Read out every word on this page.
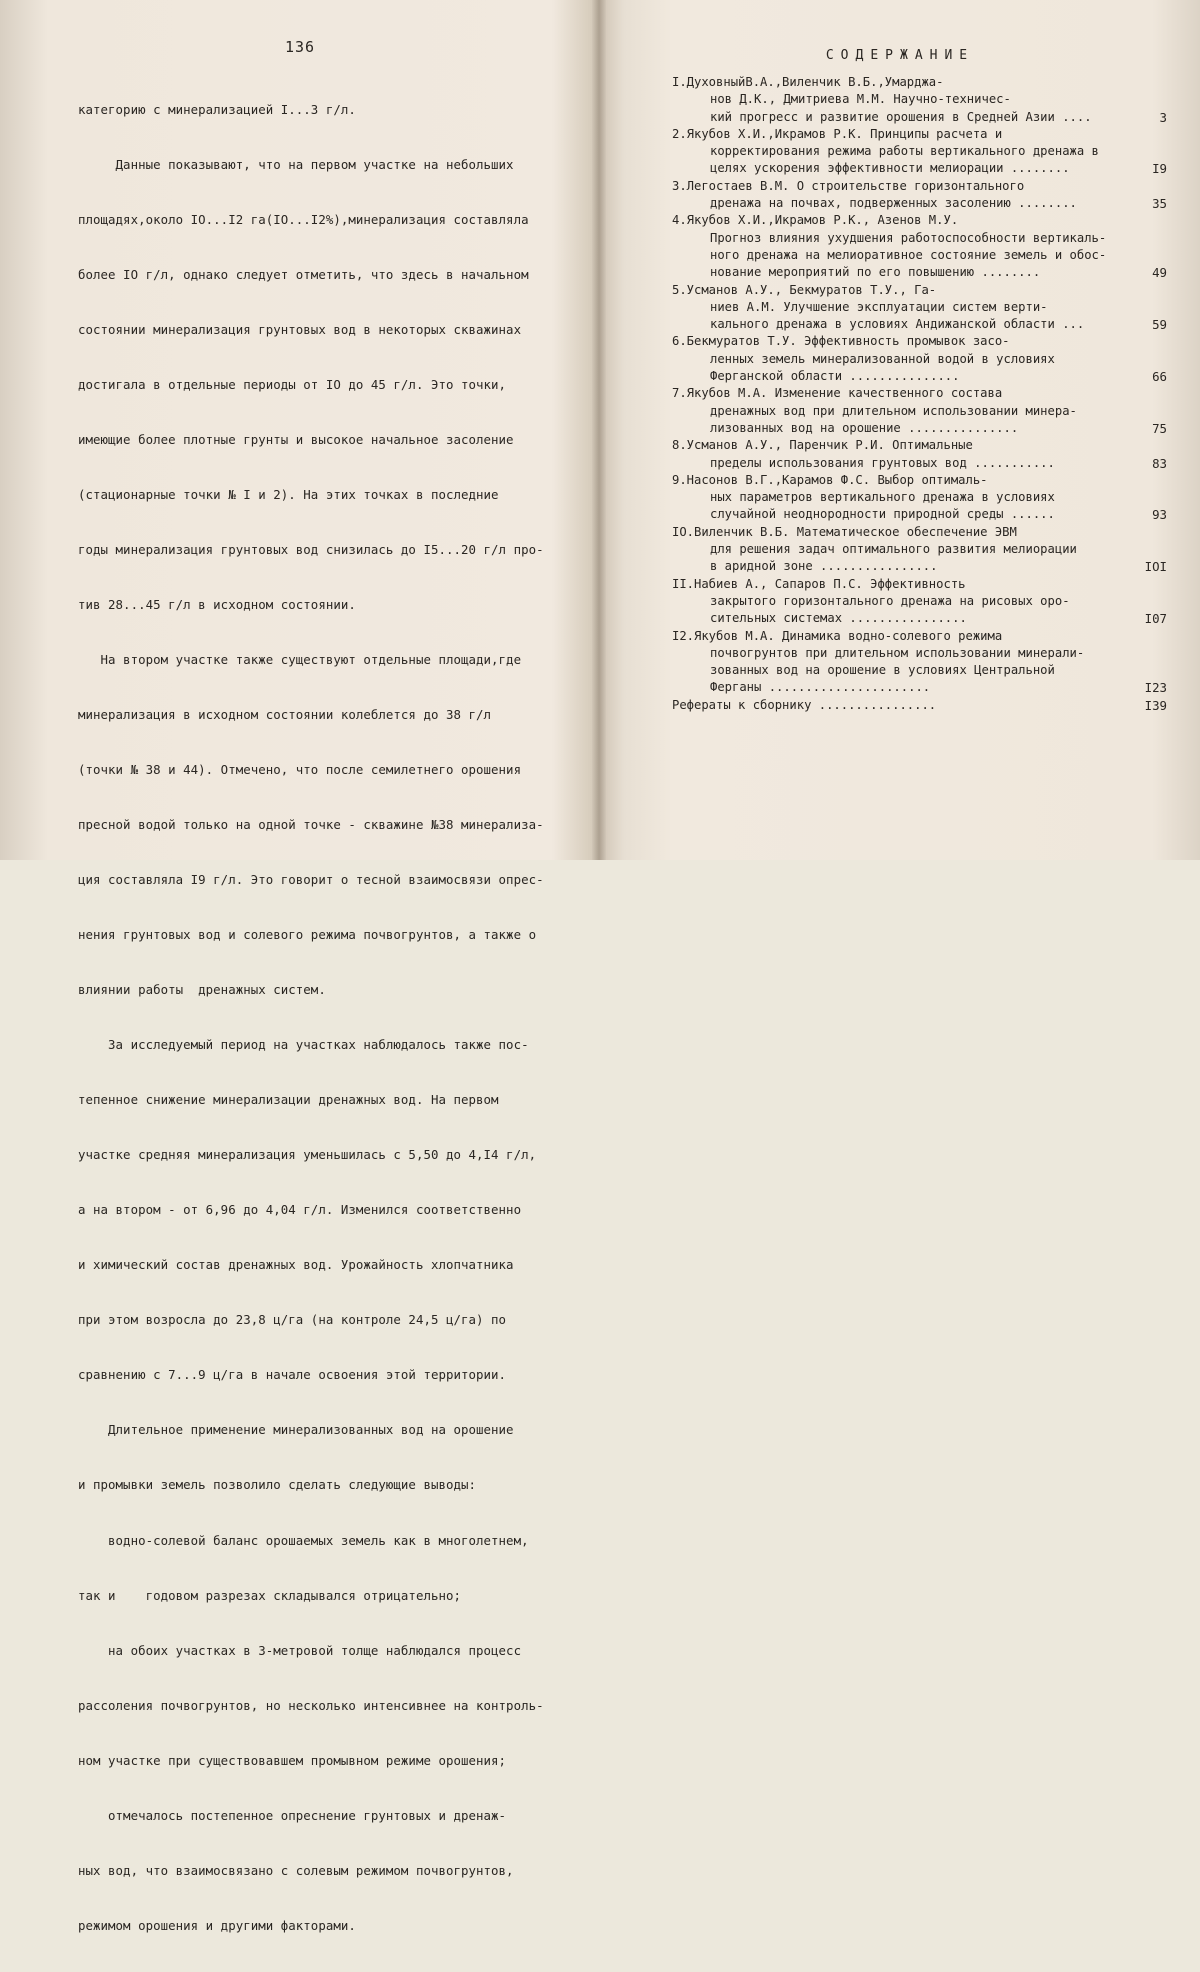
136

категорию с минерализацией I...3 г/л.

Данные показывают, что на первом участке на небольших

площадях,около IO...I2 га(IO...I2%),минерализация составляла

более IO г/л, однако следует отметить, что здесь в начальном

состоянии минерализация грунтовых вод в некоторых скважинах

достигала в отдельные периоды от IO до 45 г/л. Это точки,

имеющие более плотные грунты и высокое начальное засоление

(стационарные точки № I и 2). На этих точках в последние

годы минерализация грунтовых вод снизилась до I5...20 г/л про-

тив 28...45 г/л в исходном состоянии.

На втором участке также существуют отдельные площади,где

минерализация в исходном состоянии колеблется до 38 г/л

(точки № 38 и 44). Отмечено, что после семилетнего орошения

пресной водой только на одной точке - скважине №38 минерализа-

ция составляла I9 г/л. Это говорит о тесной взаимосвязи опрес-

нения грунтовых вод и солевого режима почвогрунтов, а также о

влиянии работы  дренажных систем.

За исследуемый период на участках наблюдалось также пос-

тепенное снижение минерализации дренажных вод. На первом

участке средняя минерализация уменьшилась с 5,50 до 4,I4 г/л,

а на втором - от 6,96 до 4,04 г/л. Изменился соответственно

и химический состав дренажных вод. Урожайность хлопчатника

при этом возросла до 23,8 ц/га (на контроле 24,5 ц/га) по

сравнению с 7...9 ц/га в начале освоения этой территории.

Длительное применение минерализованных вод на орошение

и промывки земель позволило сделать следующие выводы:

водно-солевой баланс орошаемых земель как в многолетнем,

так и    годовом разрезах складывался отрицательно;

на обоих участках в 3-метровой толще наблюдался процесс

рассоления почвогрунтов, но несколько интенсивнее на контроль-

ном участке при существовавшем промывном режиме орошения;

отмечалось постепенное опреснение грунтовых и дренаж-

ных вод, что взаимосвязано с солевым режимом почвогрунтов,

режимом орошения и другими факторами.

СОДЕРЖАНИЕ
I.ДуховныйВ.А.,Виленчик В.Б.,Умарджа-
нов Д.К., Дмитриева М.М. Научно-техничес-
кий прогресс и развитие орошения в Средней Азии ....	3
2.Якубов Х.И.,Икрамов Р.К. Принципы расчета и
корректирования режима работы вертикального дренажа в
целях ускорения эффективности мелиорации ........	I9
3.Легостаев В.М. О строительстве горизонтального
дренажа на почвах, подверженных засолению ........	35
4.Якубов Х.И.,Икрамов Р.К., Азенов М.У.
Прогноз влияния ухудшения работоспособности вертикаль-
ного дренажа на мелиоративное состояние земель и обос-
нование мероприятий по его повышению ........	49
5.Усманов А.У., Бекмуратов Т.У., Га-
ниев А.М. Улучшение эксплуатации систем верти-
кального дренажа в условиях Андижанской области ...	59
6.Бекмуратов Т.У. Эффективность промывок засо-
ленных земель минерализованной водой в условиях
Ферганской области ...............	66
7.Якубов М.А. Изменение качественного состава
дренажных вод при длительном использовании минера-
лизованных вод на орошение ...............	75
8.Усманов А.У., Паренчик Р.И. Оптимальные
пределы использования грунтовых вод ...........	83
9.Насонов В.Г.,Карамов Ф.С. Выбор оптималь-
ных параметров вертикального дренажа в условиях
случайной неоднородности природной среды ......	93
IO.Виленчик В.Б. Математическое обеспечение ЭВМ
для решения задач оптимального развития мелиорации
в аридной зоне ................	IOI
II.Набиев А., Сапаров П.С. Эффективность
закрытого горизонтального дренажа на рисовых оро-
сительных системах ................	I07
I2.Якубов М.А. Динамика водно-солевого режима
почвогрунтов при длительном использовании минерали-
зованных вод на орошение в условиях Центральной
Ферганы ......................	I23
Рефераты к сборнику ................	I39
